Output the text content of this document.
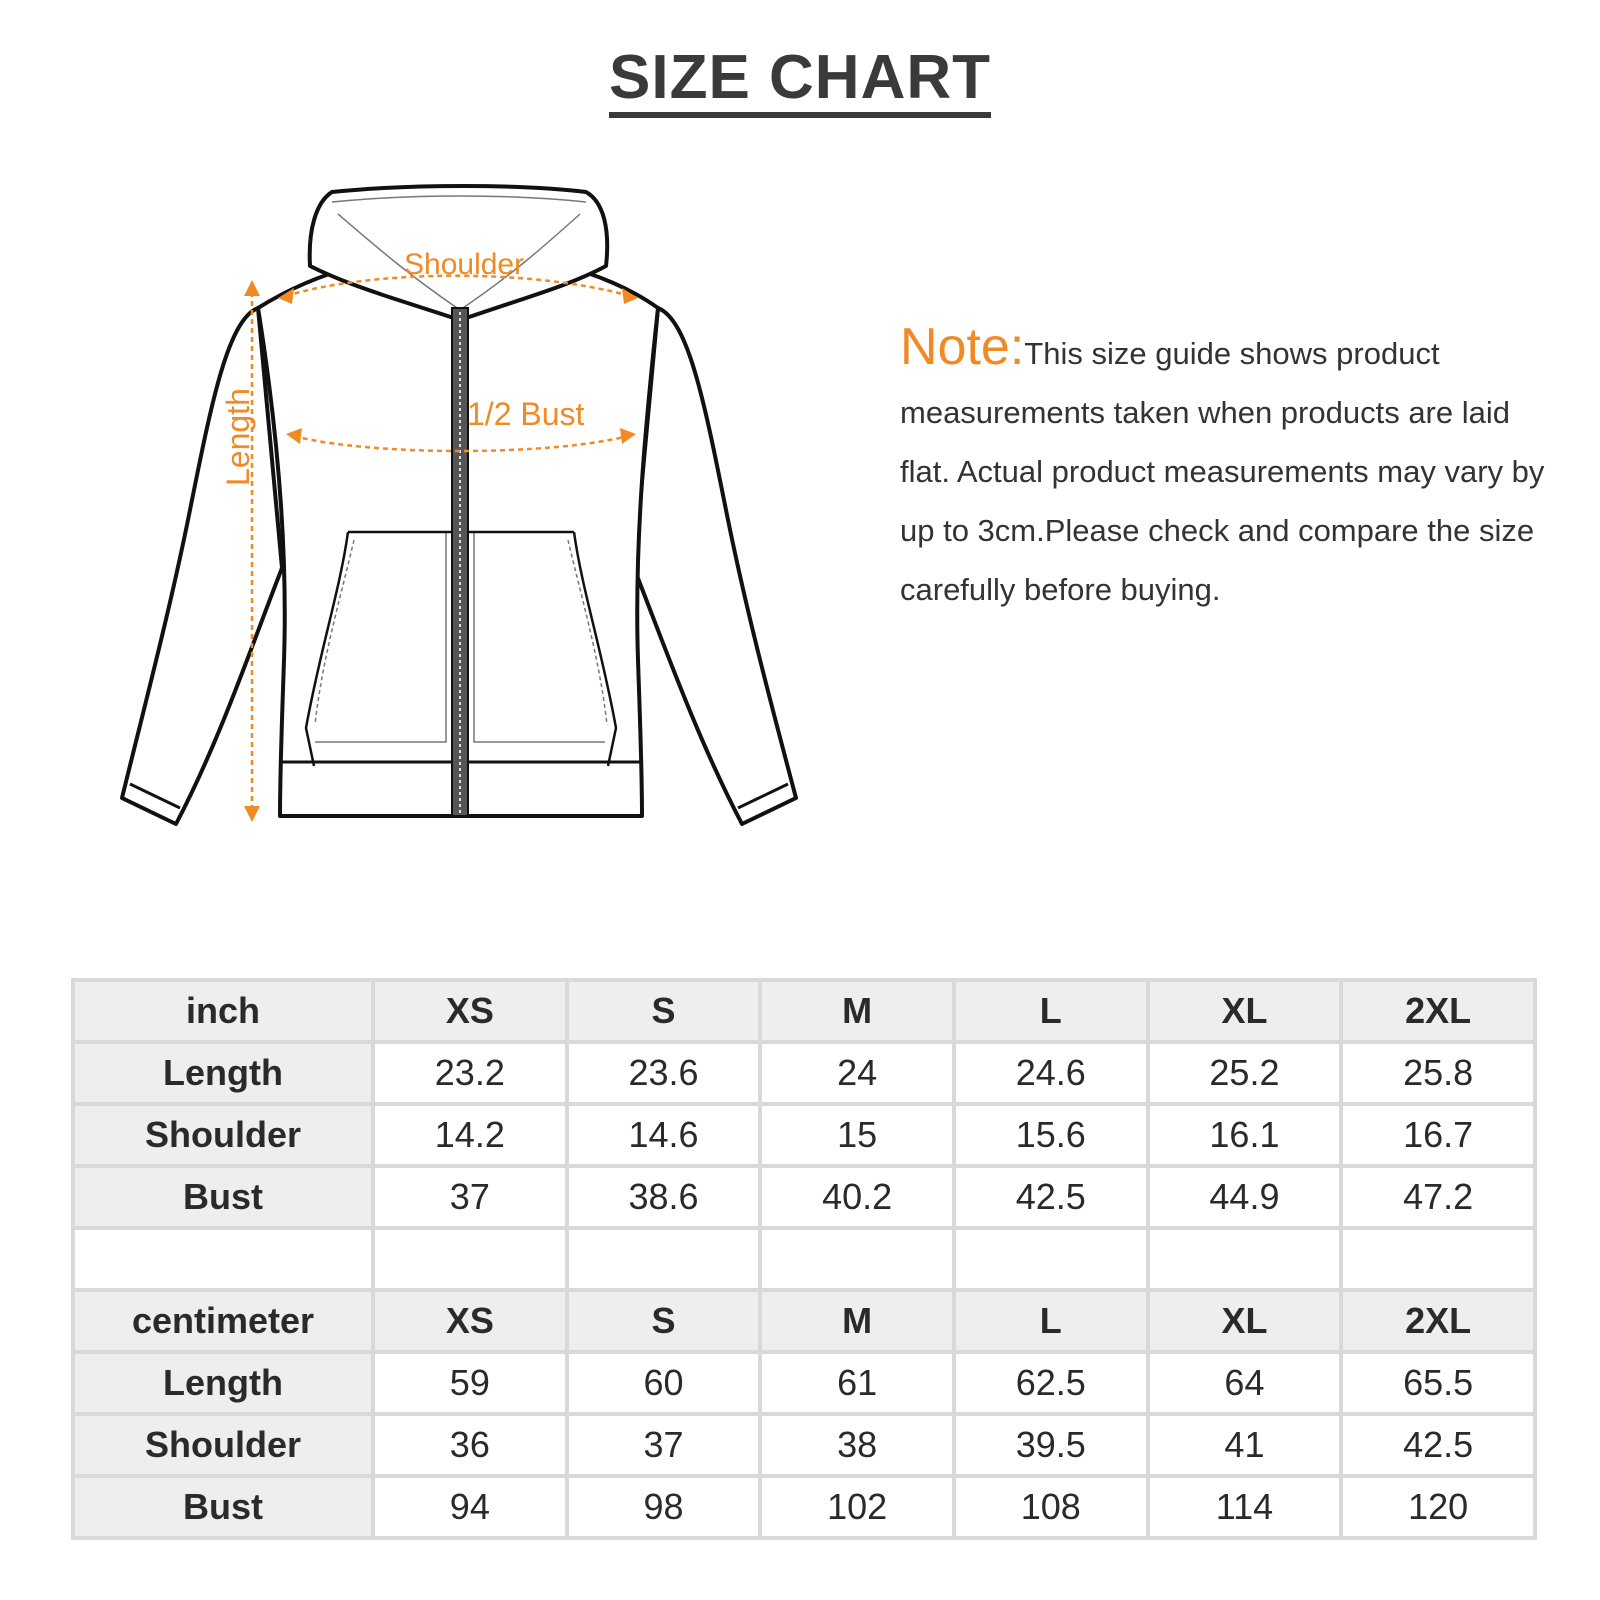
SIZE CHART
Shoulder
1/2 Bust
Length
Note:This size guide shows product measurements taken when products are laid flat. Actual product measurements may vary by up to 3cm.Please check and compare the size carefully before buying.
inch	XS	S	M	L	XL	2XL
Length	23.2	23.6	24	24.6	25.2	25.8
Shoulder	14.2	14.6	15	15.6	16.1	16.7
Bust	37	38.6	40.2	42.5	44.9	47.2

centimeter	XS	S	M	L	XL	2XL
Length	59	60	61	62.5	64	65.5
Shoulder	36	37	38	39.5	41	42.5
Bust	94	98	102	108	114	120
